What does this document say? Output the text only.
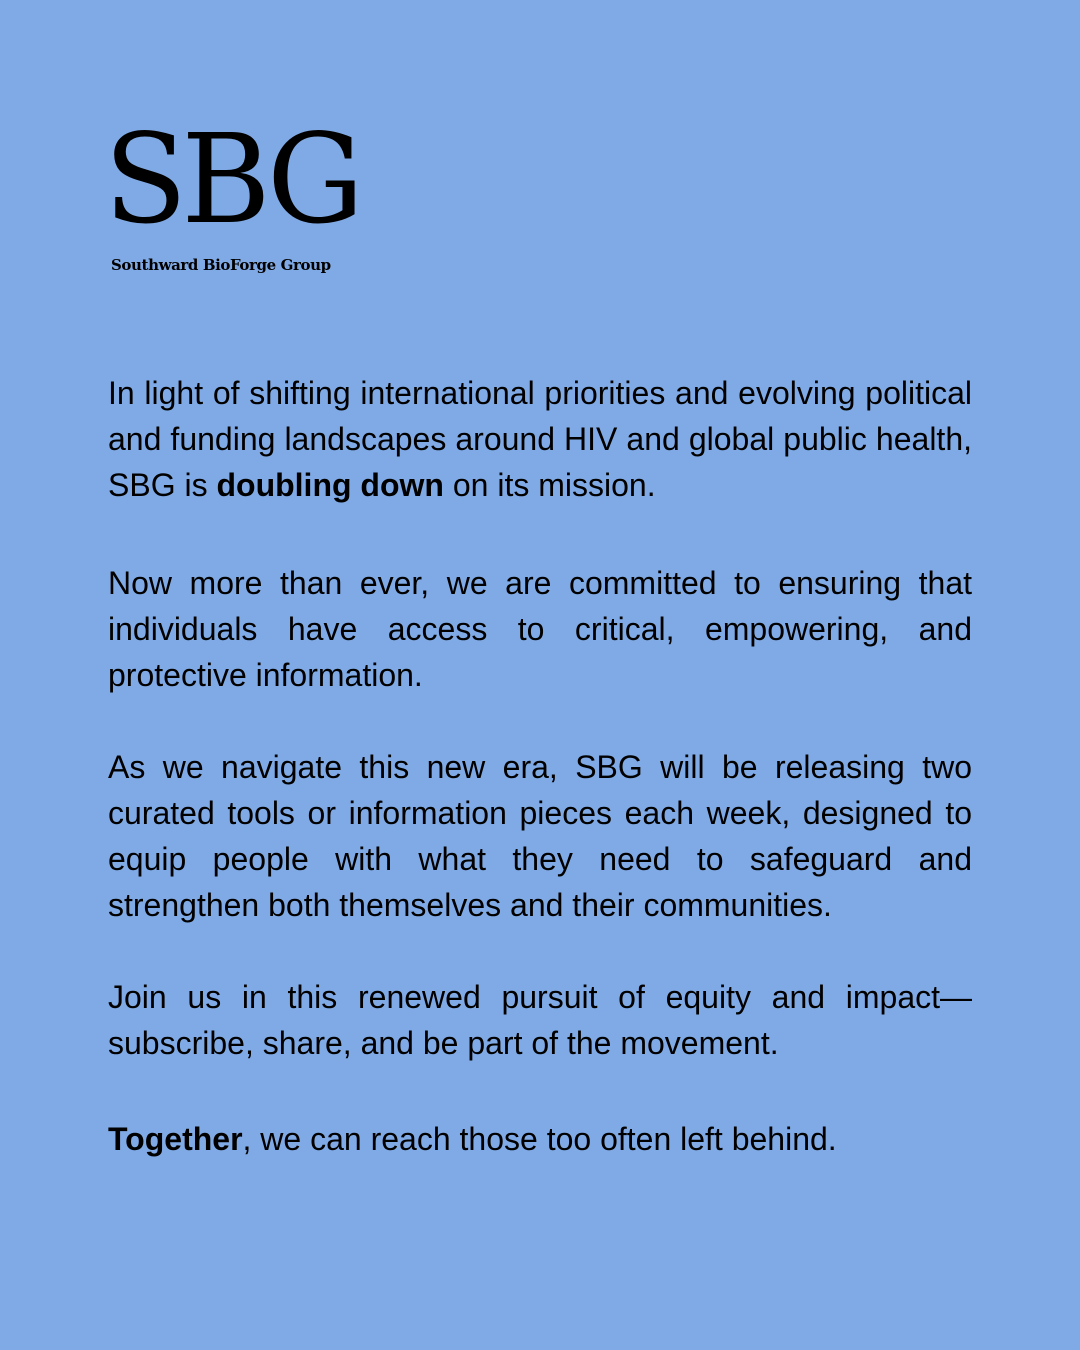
SBG
Southward BioForge Group

In light of shifting international priorities and evolving political and funding landscapes around HIV and global public health, SBG is doubling down on its mission.

Now more than ever, we are committed to ensuring that individuals have access to critical, empowering, and protective information.

As we navigate this new era, SBG will be releasing two curated tools or information pieces each week, designed to equip people with what they need to safeguard and strengthen both themselves and their communities.

Join us in this renewed pursuit of equity and impact—subscribe, share, and be part of the movement.

Together, we can reach those too often left behind.
